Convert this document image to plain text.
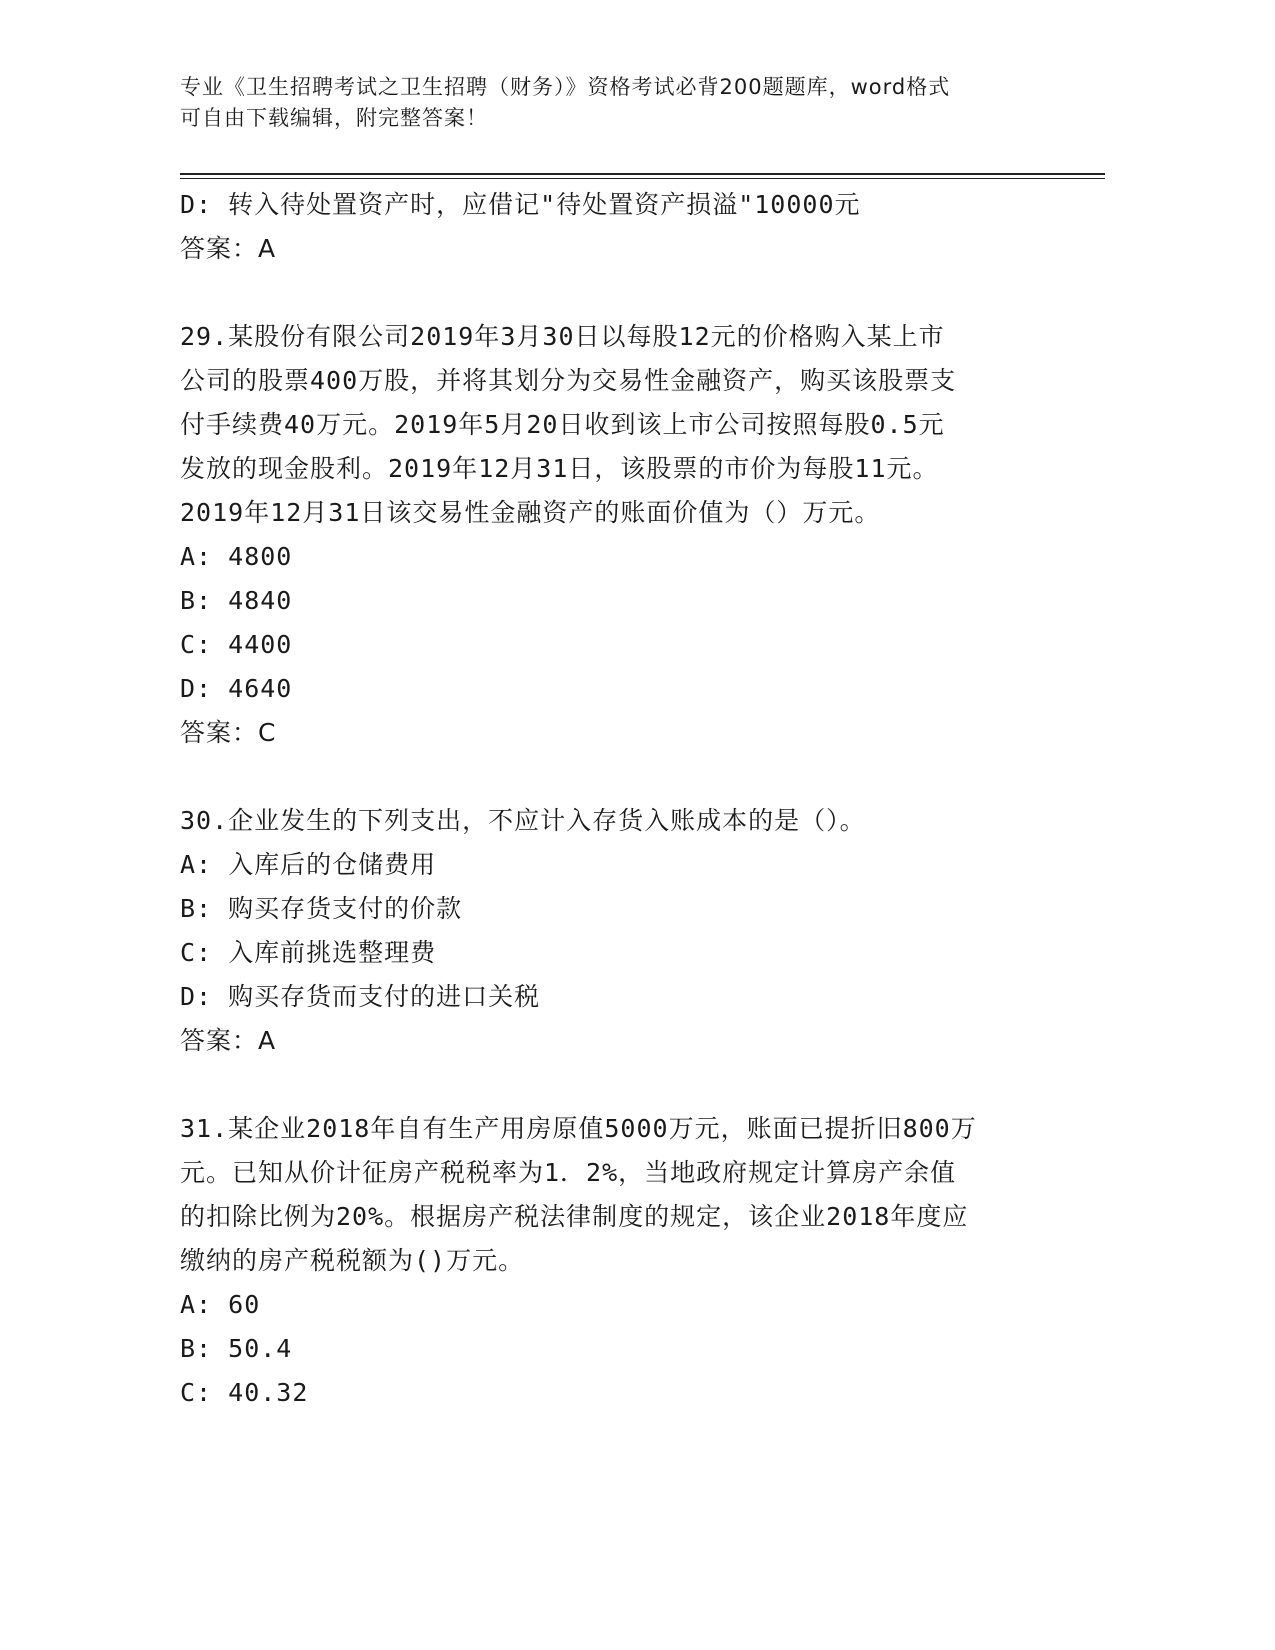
专业《卫生招聘考试之卫生招聘（财务）》资格考试必背200题题库，word格式
可自由下载编辑，附完整答案！
D: 转入待处置资产时，应借记"待处置资产损溢"10000元
答案：A
29.某股份有限公司2019年3月30日以每股12元的价格购入某上市
公司的股票400万股，并将其划分为交易性金融资产，购买该股票支
付手续费40万元。2019年5月20日收到该上市公司按照每股0.5元
发放的现金股利。2019年12月31日，该股票的市价为每股11元。
2019年12月31日该交易性金融资产的账面价值为（）万元。
A: 4800
B: 4840
C: 4400
D: 4640
答案：C
30.企业发生的下列支出，不应计入存货入账成本的是（）。
A: 入库后的仓储费用
B: 购买存货支付的价款
C: 入库前挑选整理费
D: 购买存货而支付的进口关税
答案：A
31.某企业2018年自有生产用房原值5000万元，账面已提折旧800万
元。已知从价计征房产税税率为1．2%，当地政府规定计算房产余值
的扣除比例为20%。根据房产税法律制度的规定，该企业2018年度应
缴纳的房产税税额为()万元。
A: 60
B: 50.4
C: 40.32
